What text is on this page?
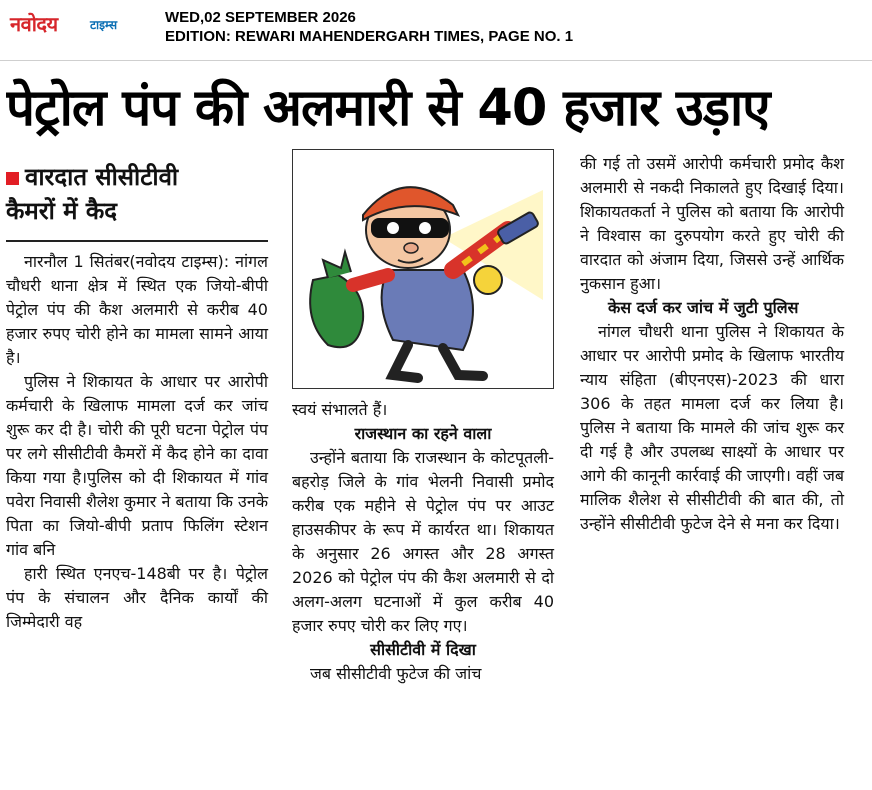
नवोदय	टाइम्स	WED,02 SEPTEMBER 2026
EDITION: REWARI MAHENDERGARH TIMES, PAGE NO. 1
पेट्रोल पंप की अलमारी से 40 हजार उड़ाए
वारदात सीसीटीवी
कैमरों में कैद

नारनौल 1 सितंबर(नवोदय टाइम्स): नांगल चौधरी थाना क्षेत्र में स्थित एक जियो-बीपी पेट्रोल पंप की कैश अलमारी से करीब 40 हजार रुपए चोरी होने का मामला सामने आया है।

पुलिस ने शिकायत के आधार पर आरोपी कर्मचारी के खिलाफ मामला दर्ज कर जांच शुरू कर दी है। चोरी की पूरी घटना पेट्रोल पंप पर लगे सीसीटीवी कैमरों में कैद होने का दावा किया गया है।पुलिस को दी शिकायत में गांव पवेरा निवासी शैलेश कुमार ने बताया कि उनके पिता का जियो-बीपी प्रताप फिलिंग स्टेशन गांव बनि

हारी स्थित एनएच-148बी पर है। पेट्रोल पंप के संचालन और दैनिक कार्यों की जिम्मेदारी वह

स्वयं संभालते हैं।

राजस्थान का रहने वाला

उन्होंने बताया कि राजस्थान के कोटपूतली-बहरोड़ जिले के गांव भेलनी निवासी प्रमोद करीब एक महीने से पेट्रोल पंप पर आउट हाउसकीपर के रूप में कार्यरत था। शिकायत के अनुसार 26 अगस्त और 28 अगस्त 2026 को पेट्रोल पंप की कैश अलमारी से दो अलग-अलग घटनाओं में कुल करीब 40 हजार रुपए चोरी कर लिए गए।

सीसीटीवी में दिखा

जब सीसीटीवी फुटेज की जांच

की गई तो उसमें आरोपी कर्मचारी प्रमोद कैश अलमारी से नकदी निकालते हुए दिखाई दिया। शिकायतकर्ता ने पुलिस को बताया कि आरोपी ने विश्वास का दुरुपयोग करते हुए चोरी की वारदात को अंजाम दिया, जिससे उन्हें आर्थिक नुकसान हुआ।

केस दर्ज कर जांच में जुटी पुलिस

नांगल चौधरी थाना पुलिस ने शिकायत के आधार पर आरोपी प्रमोद के खिलाफ भारतीय न्याय संहिता (बीएनएस)-2023 की धारा 306 के तहत मामला दर्ज कर लिया है। पुलिस ने बताया कि मामले की जांच शुरू कर दी गई है और उपलब्ध साक्ष्यों के आधार पर आगे की कानूनी कार्रवाई की जाएगी। वहीं जब मालिक शैलेश से सीसीटीवी की बात की, तो उन्होंने सीसीटीवी फुटेज देने से मना कर दिया।
